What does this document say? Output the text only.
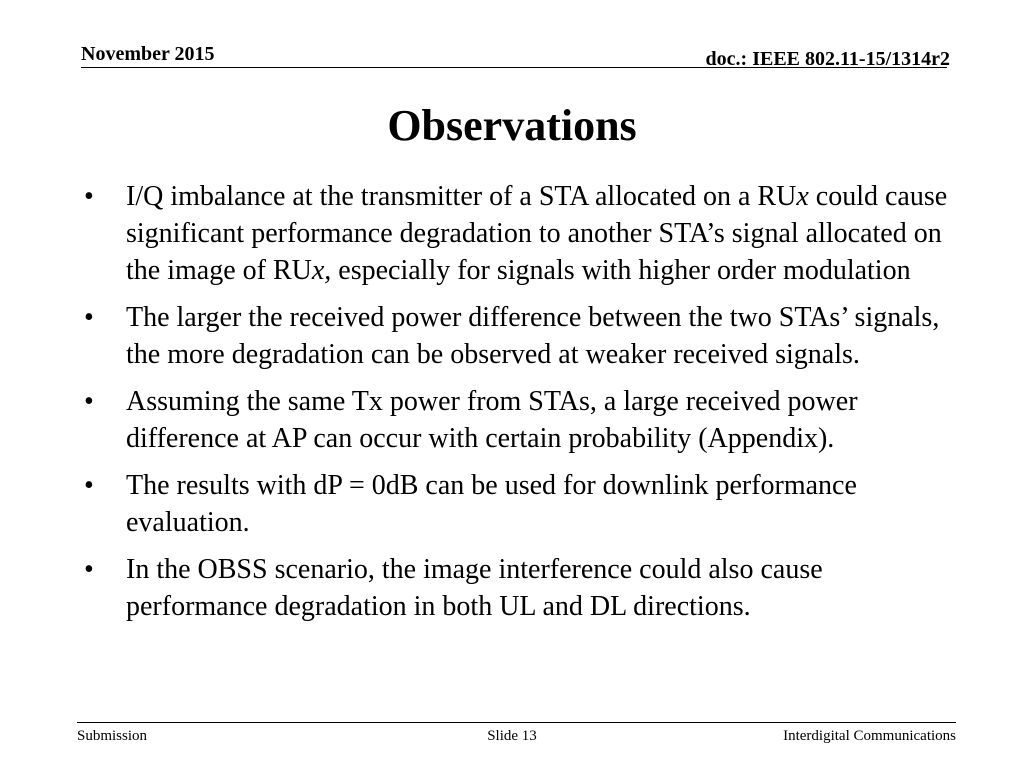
November 2015	doc.: IEEE 802.11-15/1314r2
Observations
•	I/Q imbalance at the transmitter of a STA allocated on a RUx could cause significant performance degradation to another STA’s signal allocated on the image of RUx, especially for signals with higher order modulation
•	The larger the received power difference between the two STAs’ signals, the more degradation can be observed at weaker received signals.
•	Assuming the same Tx power from STAs, a large received power difference at AP can occur with certain probability (Appendix).
•	The results with dP = 0dB can be used for downlink performance evaluation.
•	In the OBSS scenario, the image interference could also cause performance degradation in both UL and DL directions.
Submission	Slide 13	Interdigital Communications
